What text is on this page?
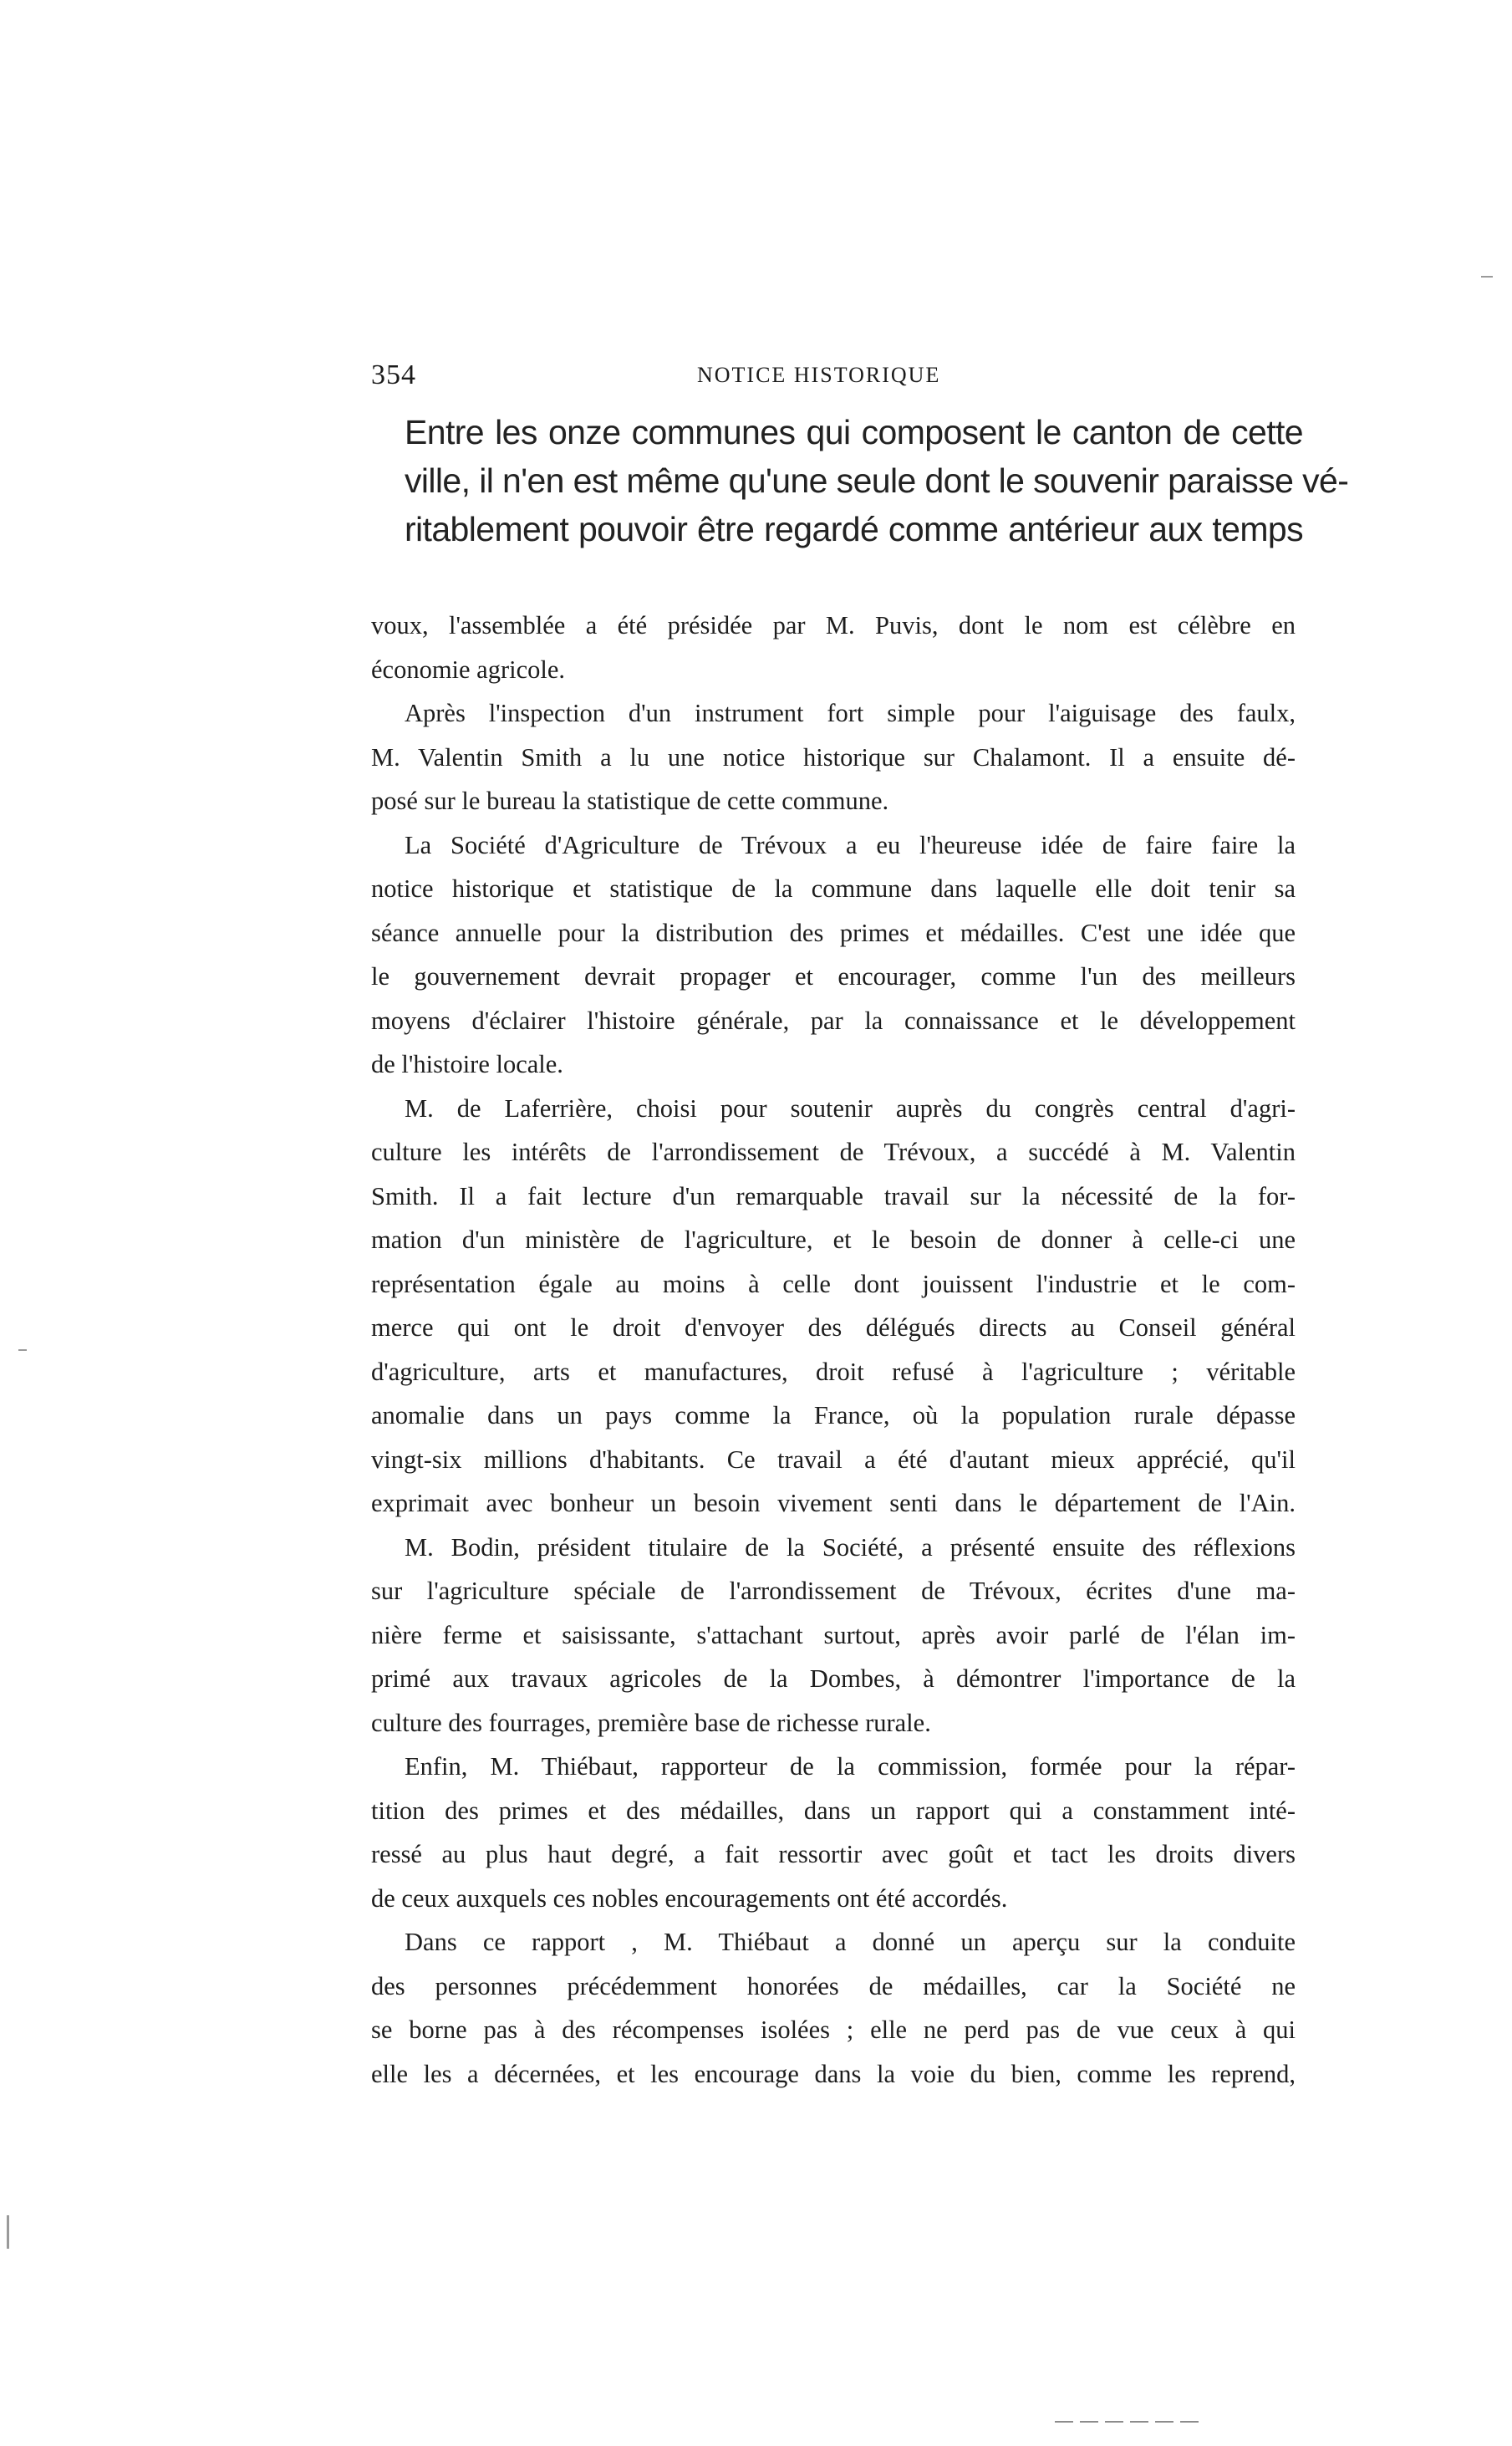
354	NOTICE HISTORIQUE
Entre les onze communes qui composent le canton de cette
ville, il n'en est même qu'une seule dont le souvenir paraisse vé-
ritablement pouvoir être regardé comme antérieur aux temps
voux, l'assemblée a été présidée par M. Puvis, dont le nom est célèbre en
économie agricole.
Après l'inspection d'un instrument fort simple pour l'aiguisage des faulx,
M. Valentin Smith a lu une notice historique sur Chalamont. Il a ensuite dé-
posé sur le bureau la statistique de cette commune.
La Société d'Agriculture de Trévoux a eu l'heureuse idée de faire faire la
notice historique et statistique de la commune dans laquelle elle doit tenir sa
séance annuelle pour la distribution des primes et médailles. C'est une idée que
le gouvernement devrait propager et encourager, comme l'un des meilleurs
moyens d'éclairer l'histoire générale, par la connaissance et le développement
de l'histoire locale.
M. de Laferrière, choisi pour soutenir auprès du congrès central d'agri-
culture les intérêts de l'arrondissement de Trévoux, a succédé à M. Valentin
Smith. Il a fait lecture d'un remarquable travail sur la nécessité de la for-
mation d'un ministère de l'agriculture, et le besoin de donner à celle-ci une
représentation égale au moins à celle dont jouissent l'industrie et le com-
merce qui ont le droit d'envoyer des délégués directs au Conseil général
d'agriculture, arts et manufactures, droit refusé à l'agriculture ; véritable
anomalie dans un pays comme la France, où la population rurale dépasse
vingt-six millions d'habitants. Ce travail a été d'autant mieux apprécié, qu'il
exprimait avec bonheur un besoin vivement senti dans le département de l'Ain.
M. Bodin, président titulaire de la Société, a présenté ensuite des réflexions
sur l'agriculture spéciale de l'arrondissement de Trévoux, écrites d'une ma-
nière ferme et saisissante, s'attachant surtout, après avoir parlé de l'élan im-
primé aux travaux agricoles de la Dombes, à démontrer l'importance de la
culture des fourrages, première base de richesse rurale.
Enfin, M. Thiébaut, rapporteur de la commission, formée pour la répar-
tition des primes et des médailles, dans un rapport qui a constamment inté-
ressé au plus haut degré, a fait ressortir avec goût et tact les droits divers
de ceux auxquels ces nobles encouragements ont été accordés.
Dans ce rapport , M. Thiébaut a donné un aperçu sur la conduite
des personnes précédemment honorées de médailles, car la Société ne
se borne pas à des récompenses isolées ; elle ne perd pas de vue ceux à qui
elle les a décernées, et les encourage dans la voie du bien, comme les reprend,
